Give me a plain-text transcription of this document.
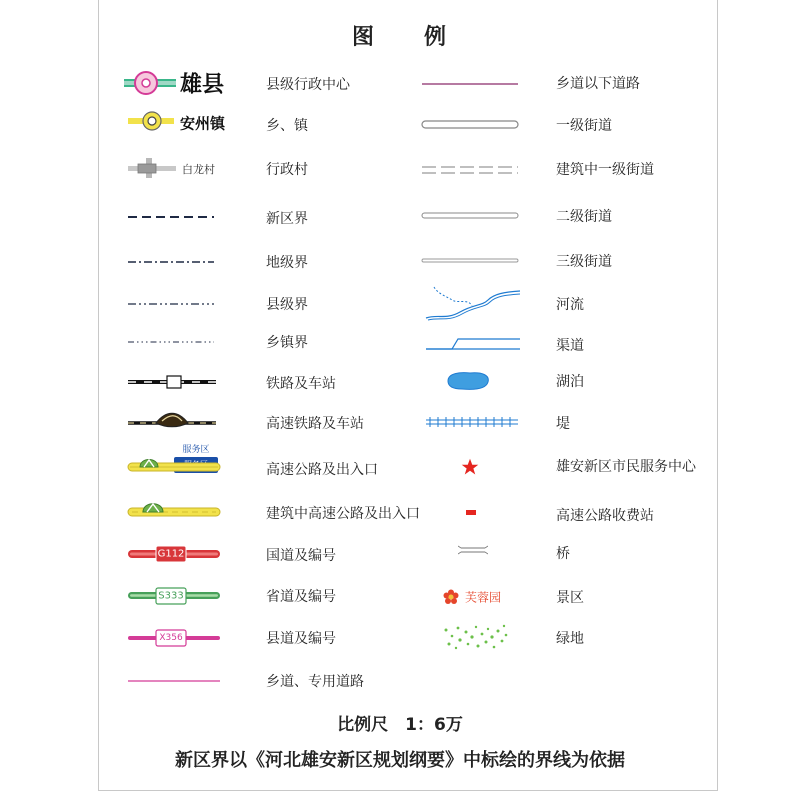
图　　例
雄县
安州镇
白龙村
服务区
G112
S333
X356
县级行政中心
乡、镇
行政村
新区界
地级界
县级界
乡镇界
铁路及车站
高速铁路及车站
高速公路及出入口
建筑中高速公路及出入口
国道及编号
省道及编号
县道及编号
乡道、专用道路
芙蓉园
乡道以下道路
一级街道
建筑中一级街道
二级街道
三级街道
河流
渠道
湖泊
堤
雄安新区市民服务中心
高速公路收费站
桥
景区
绿地
比例尺　1：6万
新区界以《河北雄安新区规划纲要》中标绘的界线为依据
